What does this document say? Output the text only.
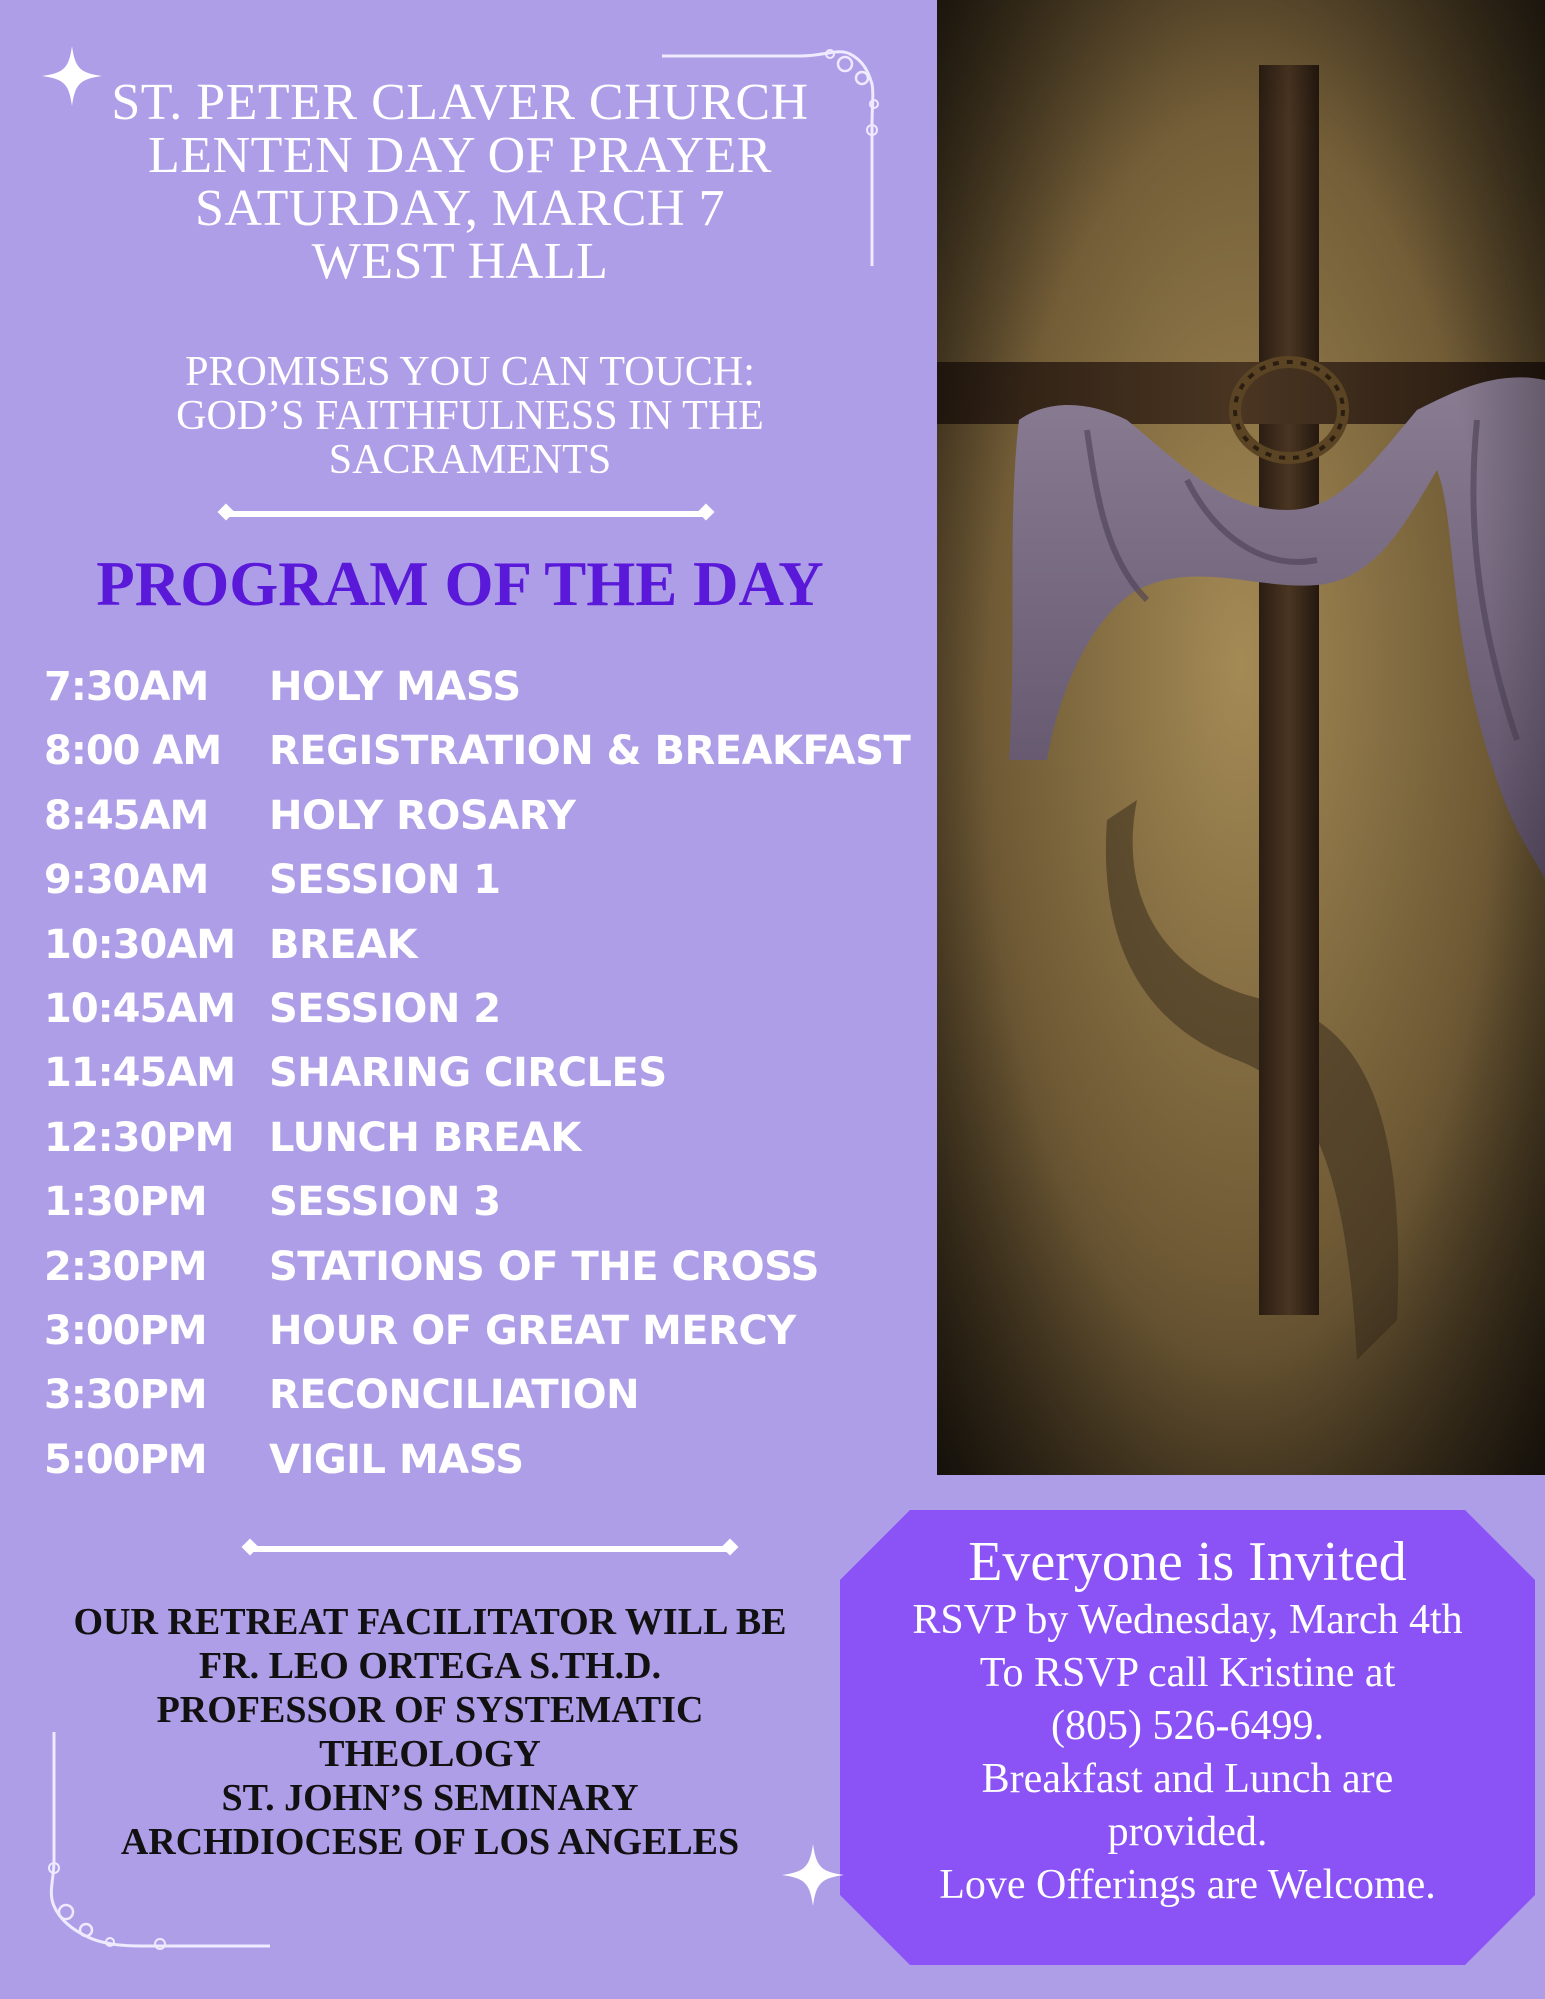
ST. PETER CLAVER CHURCH
LENTEN DAY OF PRAYER
SATURDAY, MARCH 7
WEST HALL
PROMISES YOU CAN TOUCH:
GOD’S FAITHFULNESS IN THE
SACRAMENTS
PROGRAM OF THE DAY
7:30AM	HOLY MASS
8:00 AM	REGISTRATION & BREAKFAST
8:45AM	HOLY ROSARY
9:30AM	SESSION 1
10:30AM BREAK
10:45AM SESSION 2
11:45AM SHARING CIRCLES
12:30PM LUNCH BREAK
1:30PM	SESSION 3
2:30PM	STATIONS OF THE CROSS
3:00PM	HOUR OF GREAT MERCY
3:30PM	RECONCILIATION
5:00PM	VIGIL MASS
OUR RETREAT FACILITATOR WILL BE
FR. LEO ORTEGA S.TH.D.
PROFESSOR OF SYSTEMATIC
THEOLOGY
ST. JOHN’S SEMINARY
ARCHDIOCESE OF LOS ANGELES
Everyone is Invited
RSVP by Wednesday, March 4th
To RSVP call Kristine at
(805) 526-6499.
Breakfast and Lunch are
provided.
Love Offerings are Welcome.
